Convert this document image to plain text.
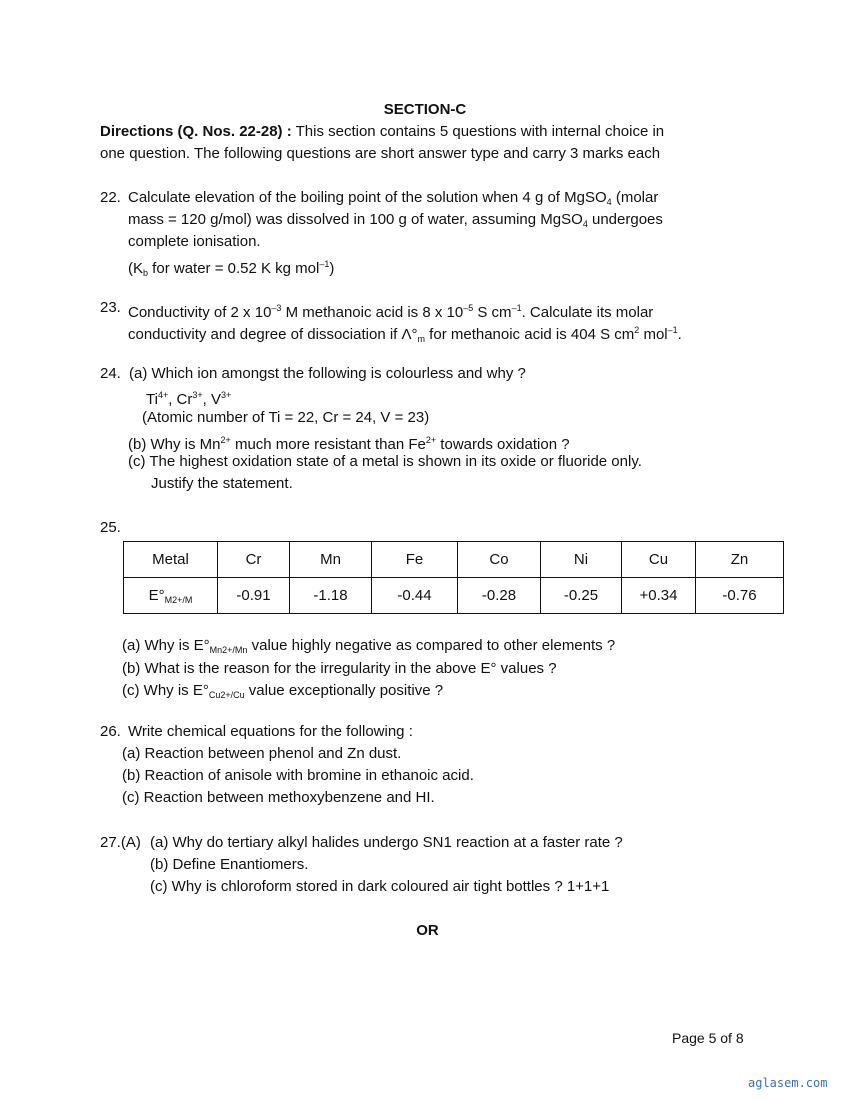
SECTION-C
Directions (Q. Nos. 22-28) : This section contains 5 questions with internal choice in
one question. The following questions are short answer type and carry 3 marks each
22. Calculate elevation of the boiling point of the solution when 4 g of MgSO$_4$ (molar
mass = 120 g/mol) was dissolved in 100 g of water, assuming MgSO$_4$ undergoes
complete ionisation.
($K_b$ for water = 0.52 K kg mol$^{-1}$)
23. Conductivity of 2 x $10^{-3}$ M methanoic acid is 8 x $10^{-5}$ S $cm^{-1}$. Calculate its molar
conductivity and degree of dissociation if $\Lambda^\circ_m$ for methanoic acid is 404 S $cm^2$ mol$^{-1}$.
24. (a) Which ion amongst the following is colourless and why ?
$Ti^{4+}$, $Cr^{3+}$, $V^{3+}$
(Atomic number of Ti = 22, Cr = 24, V = 23)
(b) Why is $Mn^{2+}$ much more resistant than $Fe^{2+}$ towards oxidation ?
(c) The highest oxidation state of a metal is shown in its oxide or fluoride only.
Justify the statement.
25.
Metal	Cr	Mn	Fe	Co	Ni	Cu	Zn
$E^\circ_{M2+/M}$	-0.91	-1.18	-0.44	-0.28	-0.25	+0.34	-0.76
(a) Why is $E^\circ_{Mn2+/Mn}$ value highly negative as compared to other elements ?
(b) What is the reason for the irregularity in the above E° values ?
(c) Why is $E^\circ_{Cu2+/Cu}$ value exceptionally positive ?
26. Write chemical equations for the following :
(a) Reaction between phenol and Zn dust.
(b) Reaction of anisole with bromine in ethanoic acid.
(c) Reaction between methoxybenzene and HI.
27.(A) (a) Why do tertiary alkyl halides undergo SN1 reaction at a faster rate ?
(b) Define Enantiomers.
(c) Why is chloroform stored in dark coloured air tight bottles ? 1+1+1
OR
Page 5 of 8
aglasem.com
